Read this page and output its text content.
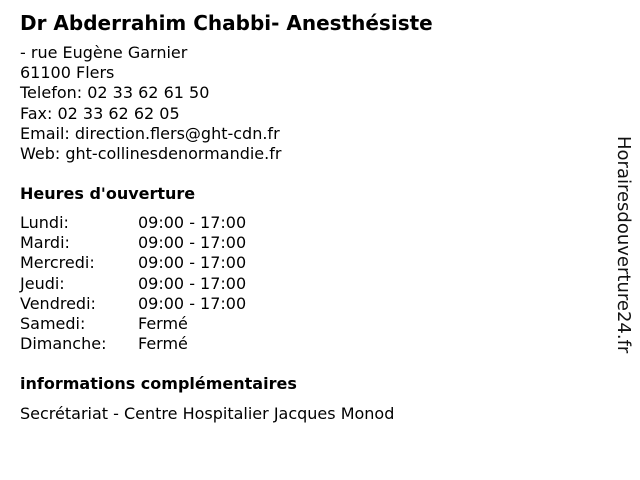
Dr Abderrahim Chabbi- Anesthésiste
- rue Eugène Garnier
61100 Flers
Telefon: 02 33 62 61 50
Fax: 02 33 62 62 05
Email: direction.flers@ght-cdn.fr
Web: ght-collinesdenormandie.fr
Heures d'ouverture
Lundi:	09:00 - 17:00
Mardi:	09:00 - 17:00
Mercredi:	09:00 - 17:00
Jeudi:	09:00 - 17:00
Vendredi:	09:00 - 17:00
Samedi:	Fermé
Dimanche: Fermé
informations complémentaires
Secrétariat - Centre Hospitalier Jacques Monod
Horairesdouverture24.fr
